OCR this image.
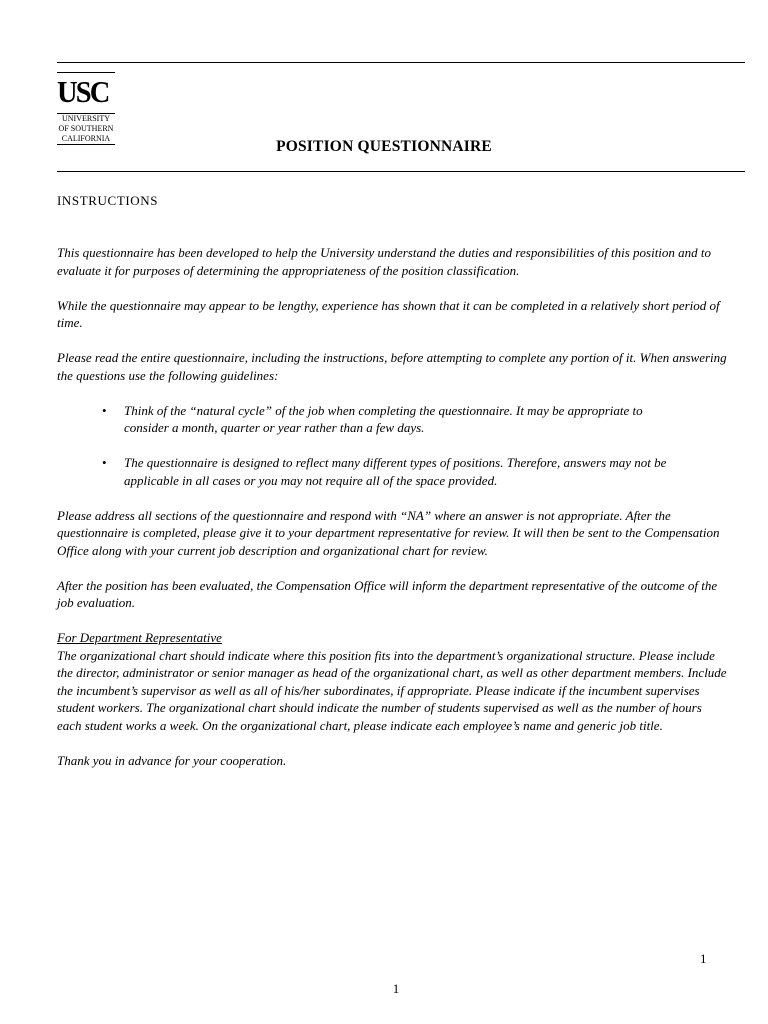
USC
UNIVERSITY
OF SOUTHERN
CALIFORNIA	POSITION QUESTIONNAIRE
INSTRUCTIONS

This questionnaire has been developed to help the University understand the duties and responsibilities of this position and to evaluate it for purposes of determining the appropriateness of the position classification.

While the questionnaire may appear to be lengthy, experience has shown that it can be completed in a relatively short period of time.

Please read the entire questionnaire, including the instructions, before attempting to complete any portion of it. When answering the questions use the following guidelines:

• Think of the “natural cycle” of the job when completing the questionnaire. It may be appropriate to consider a month, quarter or year rather than a few days.
• The questionnaire is designed to reflect many different types of positions. Therefore, answers may not be applicable in all cases or you may not require all of the space provided.

Please address all sections of the questionnaire and respond with “NA” where an answer is not appropriate. After the questionnaire is completed, please give it to your department representative for review. It will then be sent to the Compensation Office along with your current job description and organizational chart for review.

After the position has been evaluated, the Compensation Office will inform the department representative of the outcome of the job evaluation.

For Department Representative
The organizational chart should indicate where this position fits into the department’s organizational structure. Please include the director, administrator or senior manager as head of the organizational chart, as well as other department members. Include the incumbent’s supervisor as well as all of his/her subordinates, if appropriate. Please indicate if the incumbent supervises student workers. The organizational chart should indicate the number of students supervised as well as the number of hours each student works a week. On the organizational chart, please indicate each employee’s name and generic job title.

Thank you in advance for your cooperation.

1
1
